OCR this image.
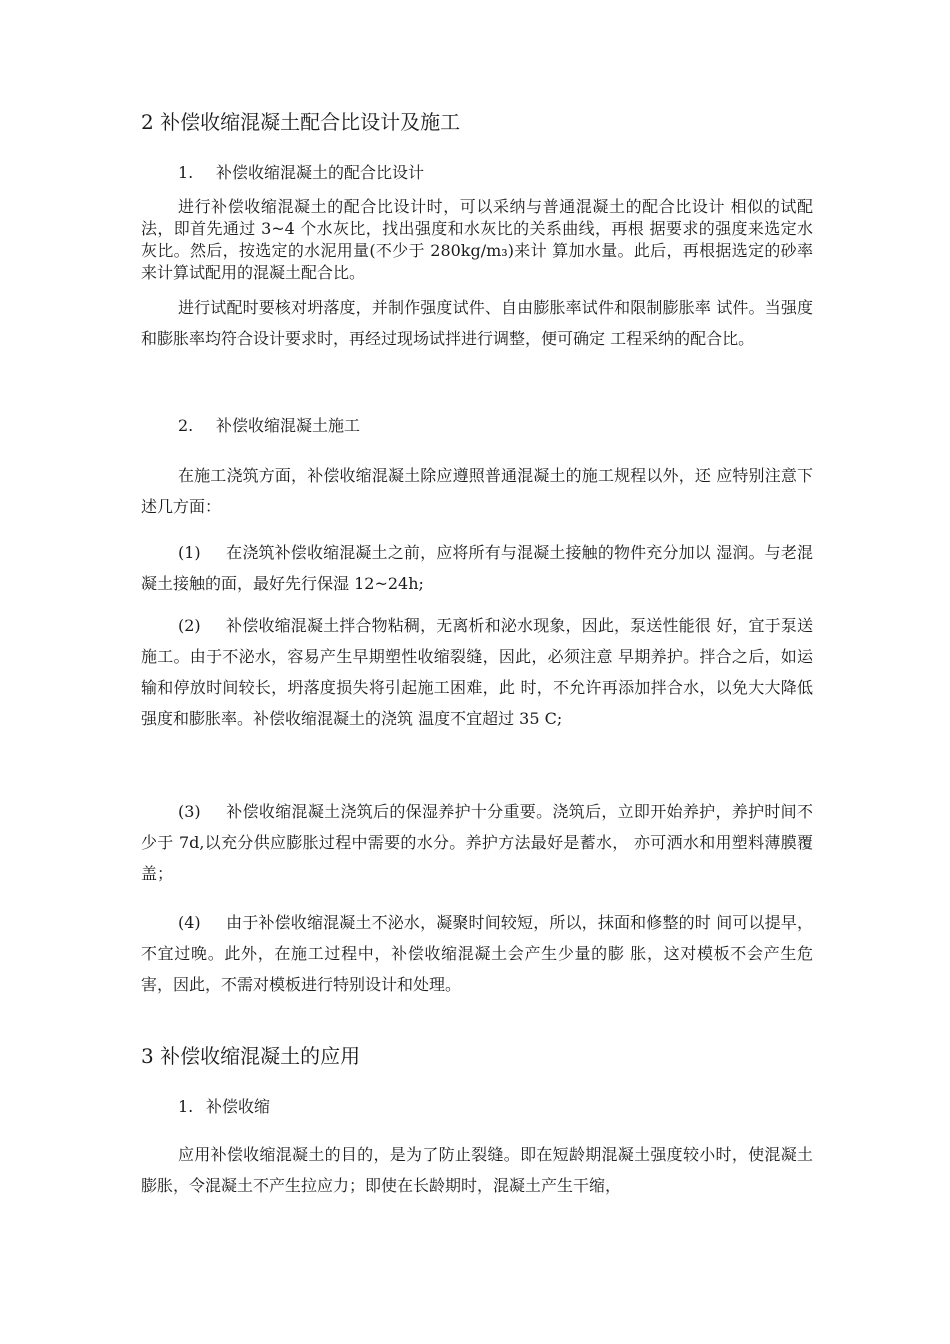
2 补偿收缩混凝土配合比设计及施工
1. 补偿收缩混凝土的配合比设计
进行补偿收缩混凝土的配合比设计时，可以采纳与普通混凝土的配合比设计 相似的试配法，即首先通过 3~4 个水灰比，找出强度和水灰比的关系曲线，再根 据要求的强度来选定水灰比。然后，按选定的水泥用量(不少于 280kg/m₃)来计 算加水量。此后，再根据选定的砂率来计算试配用的混凝土配合比。
进行试配时要核对坍落度，并制作强度试件、自由膨胀率试件和限制膨胀率 试件。当强度和膨胀率均符合设计要求时，再经过现场试拌进行调整，便可确定 工程采纳的配合比。
2. 补偿收缩混凝土施工
在施工浇筑方面，补偿收缩混凝土除应遵照普通混凝土的施工规程以外，还 应特别注意下述几方面：
(1) 在浇筑补偿收缩混凝土之前，应将所有与混凝土接触的物件充分加以 湿润。与老混凝土接触的面，最好先行保湿 12~24h;
(2) 补偿收缩混凝土拌合物粘稠，无离析和泌水现象，因此，泵送性能很 好，宜于泵送施工。由于不泌水，容易产生早期塑性收缩裂缝，因此，必须注意 早期养护。拌合之后，如运输和停放时间较长，坍落度损失将引起施工困难，此 时，不允许再添加拌合水，以免大大降低强度和膨胀率。补偿收缩混凝土的浇筑 温度不宜超过 35 C;
(3) 补偿收缩混凝土浇筑后的保湿养护十分重要。浇筑后，立即开始养护，养护时间不少于 7d,以充分供应膨胀过程中需要的水分。养护方法最好是蓄水， 亦可洒水和用塑料薄膜覆盖；
(4) 由于补偿收缩混凝土不泌水，凝聚时间较短，所以，抹面和修整的时 间可以提早，不宜过晚。此外，在施工过程中，补偿收缩混凝土会产生少量的膨 胀，这对模板不会产生危害，因此，不需对模板进行特别设计和处理。
3 补偿收缩混凝土的应用
1. 补偿收缩
应用补偿收缩混凝土的目的，是为了防止裂缝。即在短龄期混凝土强度较小时，使混凝土膨胀，令混凝土不产生拉应力；即使在长龄期时，混凝土产生干缩，
